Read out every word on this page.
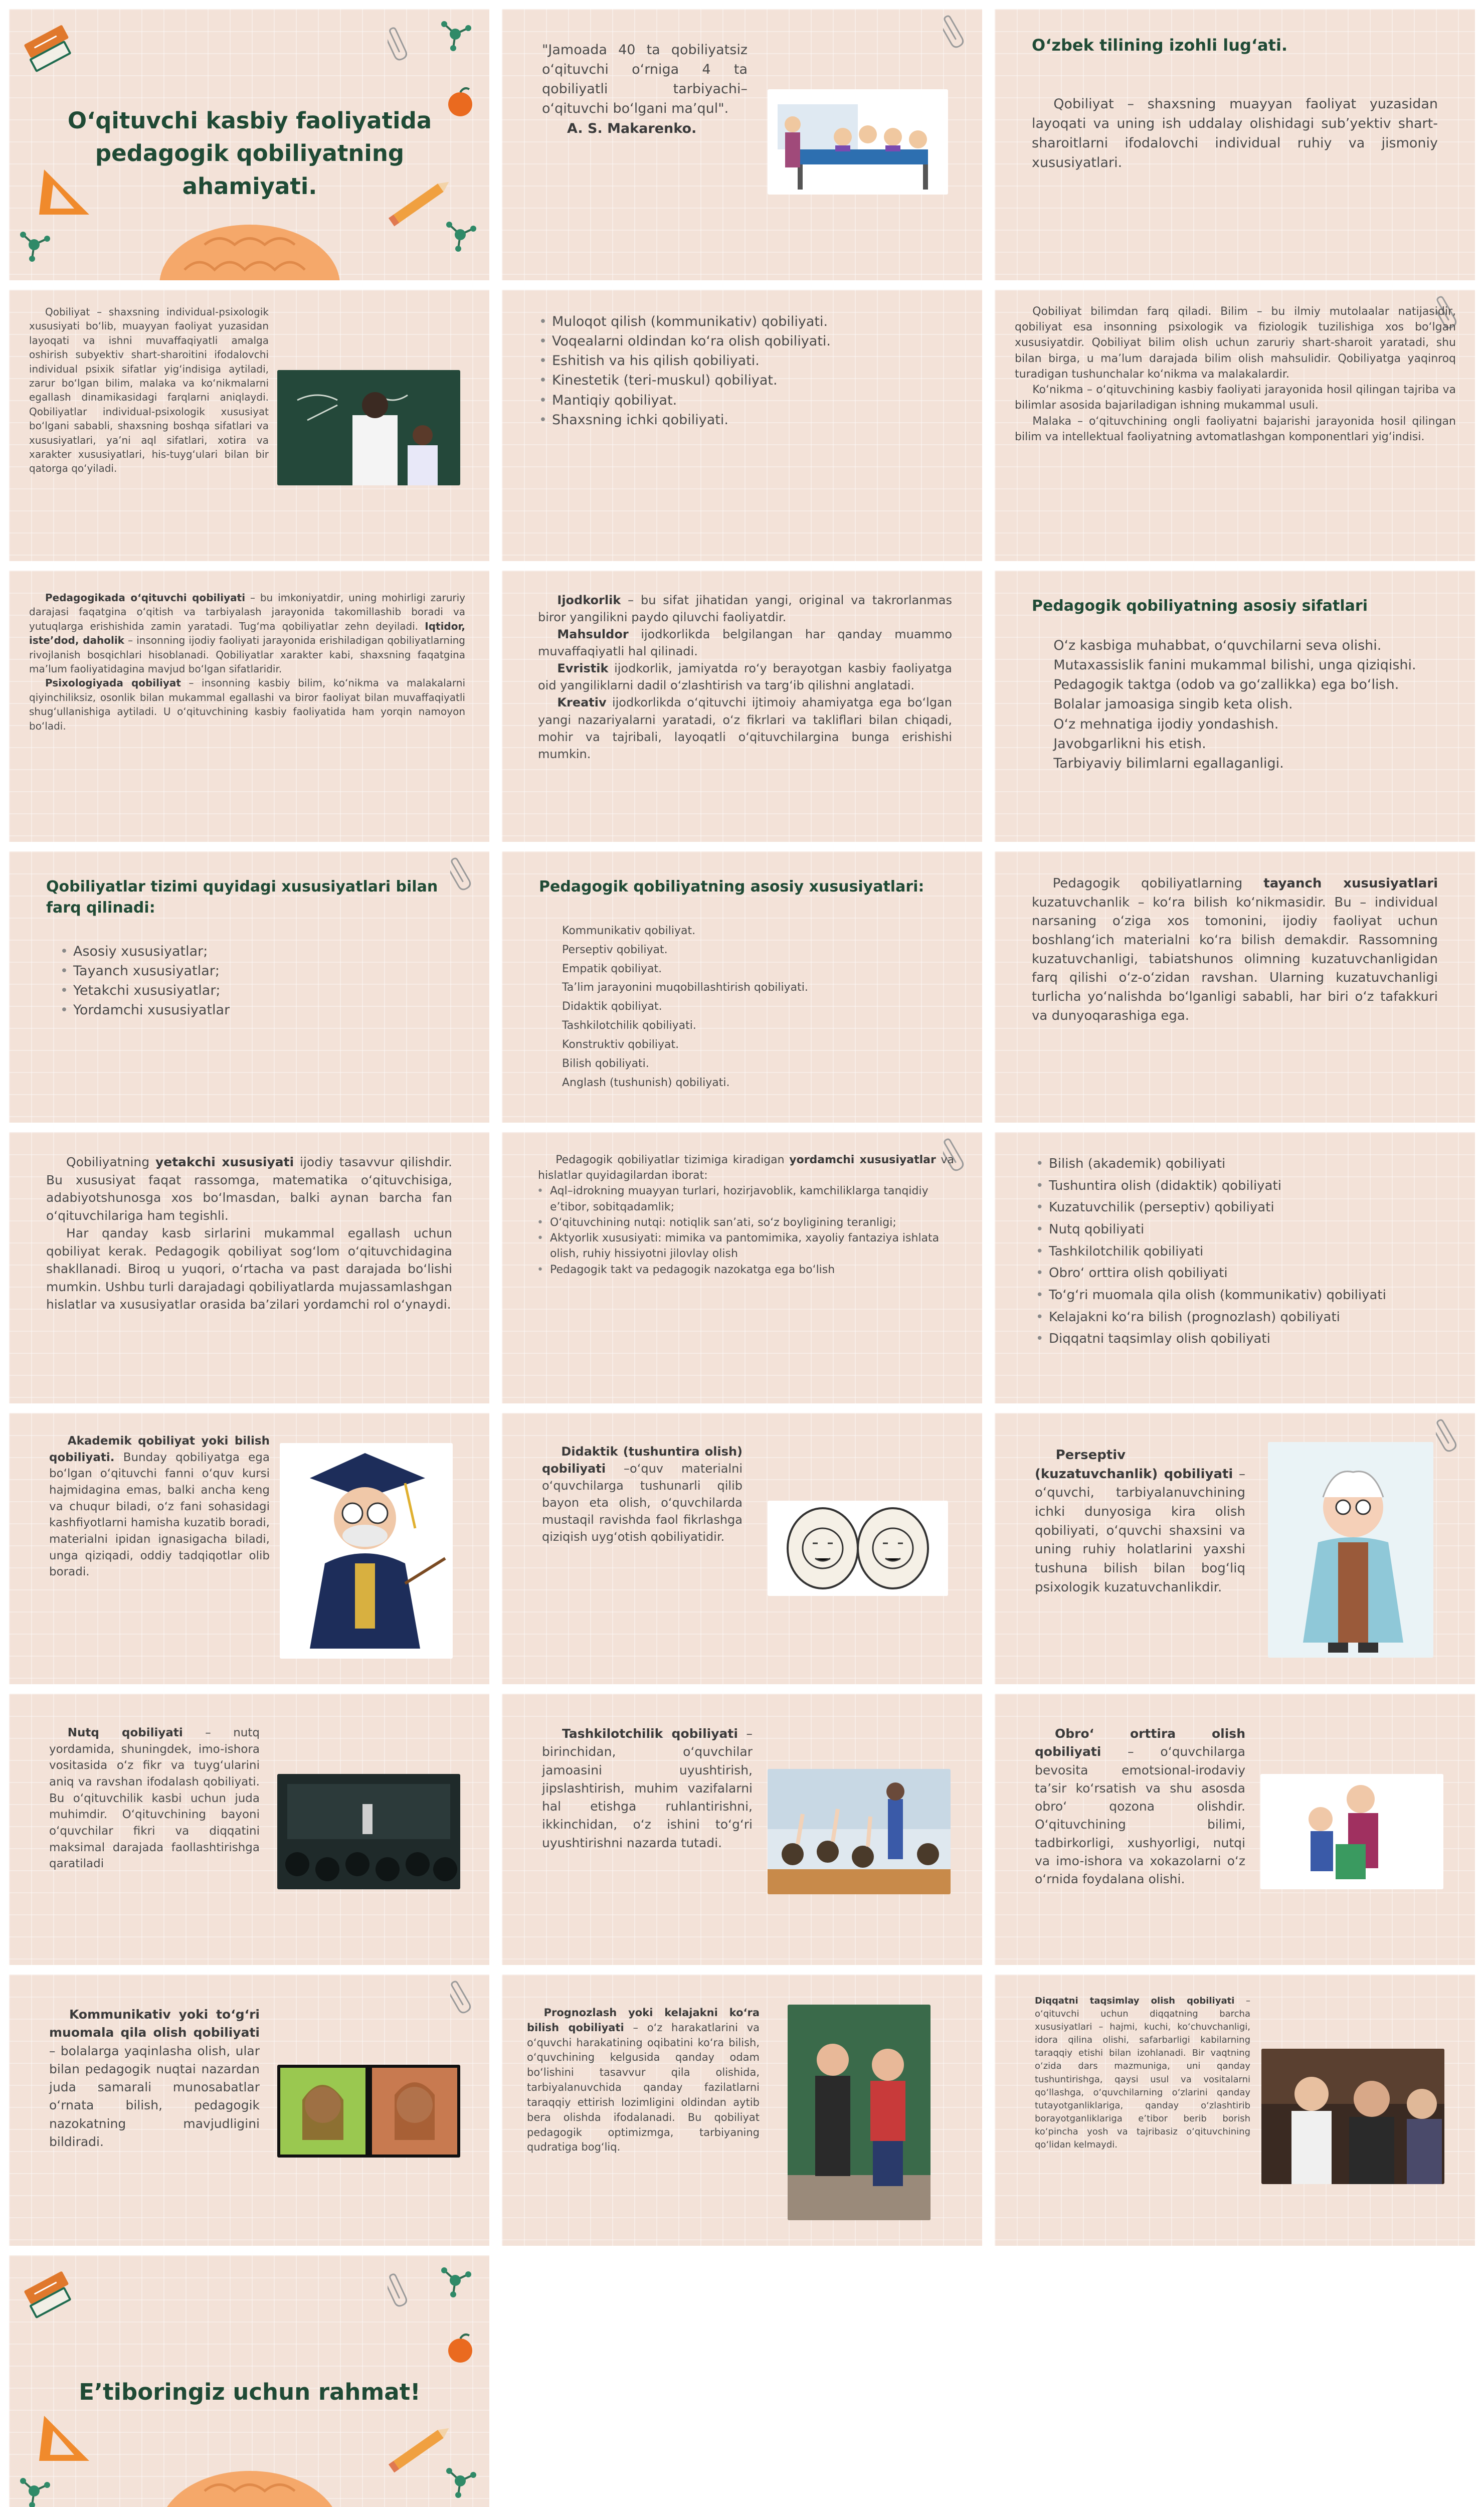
O‘qituvchi kasbiy faoliyatida pedagogik qobiliyatning ahamiyati.

"Jamoada 40 ta qobiliyatsiz o‘qituvchi o‘rniga 4 ta qobiliyatli tarbiyachi–o‘qituvchi bo‘lgani ma’qul".

A. S. Makarenko.

O‘zbek tilining izohli lug‘ati.
Qobiliyat – shaxsning muayyan faoliyat yuzasidan layoqati va uning ish uddalay olishidagi sub’yektiv shart-sharoitlarni ifodalovchi individual ruhiy va jismoniy xususiyatlari.
Qobiliyat – shaxsning individual-psixologik xususiyati bo‘lib, muayyan faoliyat yuzasidan layoqati va ishni muvaffaqiyatli amalga oshirish subyektiv shart-sharoitini ifodalovchi individual psixik sifatlar yig‘indisiga aytiladi, zarur bo‘lgan bilim, malaka va ko‘nikmalarni egallash dinamikasidagi farqlarni aniqlaydi. Qobiliyatlar individual-psixologik xususiyat bo‘lgani sababli, shaxsning boshqa sifatlari va xususiyatlari, ya’ni aql sifatlari, xotira va xarakter xususiyatlari, his-tuyg‘ulari bilan bir qatorga qo‘yiladi.
• Muloqot qilish (kommunikativ) qobiliyati.
• Voqealarni oldindan ko‘ra olish qobiliyati.
• Eshitish va his qilish qobiliyati.
• Kinestetik (teri-muskul) qobiliyat.
• Mantiqiy qobiliyat.
• Shaxsning ichki qobiliyati.

Qobiliyat bilimdan farq qiladi. Bilim – bu ilmiy mutolaalar natijasidir, qobiliyat esa insonning psixologik va fiziologik tuzilishiga xos bo‘lgan xususiyatdir. Qobiliyat bilim olish uchun zaruriy shart-sharoit yaratadi, shu bilan birga, u ma’lum darajada bilim olish mahsulidir. Qobiliyatga yaqinroq turadigan tushunchalar ko‘nikma va malakalardir.

Ko‘nikma – o‘qituvchining kasbiy faoliyati jarayonida hosil qilingan tajriba va bilimlar asosida bajariladigan ishning mukammal usuli.

Malaka – o‘qituvchining ongli faoliyatni bajarishi jarayonida hosil qilingan bilim va intellektual faoliyatning avtomatlashgan komponentlari yig‘indisi.

Pedagogikada o‘qituvchi qobiliyati – bu imkoniyatdir, uning mohirligi zaruriy darajasi faqatgina o‘qitish va tarbiyalash jarayonida takomillashib boradi va yutuqlarga erishishida zamin yaratadi. Tug‘ma qobiliyatlar zehn deyiladi. Iqtidor, iste’dod, daholik – insonning ijodiy faoliyati jarayonida erishiladigan qobiliyatlarning rivojlanish bosqichlari hisoblanadi. Qobiliyatlar xarakter kabi, shaxsning faqatgina ma’lum faoliyatidagina mavjud bo‘lgan sifatlaridir.

Psixologiyada qobiliyat – insonning kasbiy bilim, ko‘nikma va malakalarni qiyinchiliksiz, osonlik bilan mukammal egallashi va biror faoliyat bilan muvaffaqiyatli shug‘ullanishiga aytiladi. U o‘qituvchining kasbiy faoliyatida ham yorqin namoyon bo‘ladi.

Ijodkorlik – bu sifat jihatidan yangi, original va takrorlanmas biror yangilikni paydo qiluvchi faoliyatdir.

Mahsuldor ijodkorlikda belgilangan har qanday muammo muvaffaqiyatli hal qilinadi.

Evristik ijodkorlik, jamiyatda ro‘y berayotgan kasbiy faoliyatga oid yangiliklarni dadil o‘zlashtirish va targ‘ib qilishni anglatadi.

Kreativ ijodkorlikda o‘qituvchi ijtimoiy ahamiyatga ega bo‘lgan yangi nazariyalarni yaratadi, o‘z fikrlari va takliflari bilan chiqadi, mohir va tajribali, layoqatli o‘qituvchilargina bunga erishishi mumkin.

Pedagogik qobiliyatning asosiy sifatlari
O‘z kasbiga muhabbat, o‘quvchilarni seva olishi.
Mutaxassislik fanini mukammal bilishi, unga qiziqishi.
Pedagogik taktga (odob va go‘zallikka) ega bo‘lish.
Bolalar jamoasiga singib keta olish.
O‘z mehnatiga ijodiy yondashish.
Javobgarlikni his etish.
Tarbiyaviy bilimlarni egallaganligi.
Qobiliyatlar tizimi quyidagi xususiyatlari bilan farq qilinadi:
• Asosiy xususiyatlar;
• Tayanch xususiyatlar;
• Yetakchi xususiyatlar;
• Yordamchi xususiyatlar
Pedagogik qobiliyatning asosiy xususiyatlari:
Kommunikativ qobiliyat.
Perseptiv qobiliyat.
Empatik qobiliyat.
Ta’lim jarayonini muqobillashtirish qobiliyati.
Didaktik qobiliyat.
Tashkilotchilik qobiliyati.
Konstruktiv qobiliyat.
Bilish qobiliyati.
Anglash (tushunish) qobiliyati.
Pedagogik qobiliyatlarning tayanch xususiyatlari kuzatuvchanlik – ko‘ra bilish ko‘nikmasidir. Bu – individual narsaning o‘ziga xos tomonini, ijodiy faoliyat uchun boshlang‘ich materialni ko‘ra bilish demakdir. Rassomning kuzatuvchanligi, tabiatshunos olimning kuzatuvchanligidan farq qilishi o‘z-o‘zidan ravshan. Ularning kuzatuvchanligi turlicha yo‘nalishda bo‘lganligi sababli, har biri o‘z tafakkuri va dunyoqarashiga ega.

Qobiliyatning yetakchi xususiyati ijodiy tasavvur qilishdir. Bu xususiyat faqat rassomga, matematika o‘qituvchisiga, adabiyotshunosga xos bo‘lmasdan, balki aynan barcha fan o‘qituvchilariga ham tegishli.

Har qanday kasb sirlarini mukammal egallash uchun qobiliyat kerak. Pedagogik qobiliyat sog‘lom o‘qituvchidagina shakllanadi. Biroq u yuqori, o‘rtacha va past darajada bo‘lishi mumkin. Ushbu turli darajadagi qobiliyatlarda mujassamlashgan hislatlar va xususiyatlar orasida ba’zilari yordamchi rol o‘ynaydi.

Pedagogik qobiliyatlar tizimiga kiradigan yordamchi xususiyatlar va hislatlar quyidagilardan iborat:

• Aql–idrokning muayyan turlari, hozirjavoblik, kamchiliklarga tanqidiy e’tibor, sobitqadamlik;
• O‘qituvchining nutqi: notiqlik san’ati, so‘z boyligining teranligi;
• Aktyorlik xususiyati: mimika va pantomimika, xayoliy fantaziya ishlata olish, ruhiy hissiyotni jilovlay olish
• Pedagogik takt va pedagogik nazokatga ega bo‘lish
• Bilish (akademik) qobiliyati
• Tushuntira olish (didaktik) qobiliyati
• Kuzatuvchilik (perseptiv) qobiliyati
• Nutq qobiliyati
• Tashkilotchilik qobiliyati
• Obro‘ orttira olish qobiliyati
• To‘g‘ri muomala qila olish (kommunikativ) qobiliyati
• Kelajakni ko‘ra bilish (prognozlash) qobiliyati
• Diqqatni taqsimlay olish qobiliyati
Akademik qobiliyat yoki bilish qobiliyati. Bunday qobiliyatga ega bo‘lgan o‘qituvchi fanni o‘quv kursi hajmidagina emas, balki ancha keng va chuqur biladi, o‘z fani sohasidagi kashfiyotlarni hamisha kuzatib boradi, materialni ipidan ignasigacha biladi, unga qiziqadi, oddiy tadqiqotlar olib boradi.
Didaktik (tushuntira olish) qobiliyati –o‘quv materialni o‘quvchilarga tushunarli qilib bayon eta olish, o‘quvchilarda mustaqil ravishda faol fikrlashga qiziqish uyg‘otish qobiliyatidir.
Perseptiv (kuzatuvchanlik) qobiliyati – o‘quvchi, tarbiyalanuvchining ichki dunyosiga kira olish qobiliyati, o‘quvchi shaxsini va uning ruhiy holatlarini yaxshi tushuna bilish bilan bog‘liq psixologik kuzatuvchanlikdir.
Nutq qobiliyati – nutq yordamida, shuningdek, imo-ishora vositasida o‘z fikr va tuyg‘ularini aniq va ravshan ifodalash qobiliyati. Bu o‘qituvchilik kasbi uchun juda muhimdir. O‘qituvchining bayoni o‘quvchilar fikri va diqqatini maksimal darajada faollashtirishga qaratiladi
Tashkilotchilik qobiliyati – birinchidan, o‘quvchilar jamoasini uyushtirish, jipslashtirish, muhim vazifalarni hal etishga ruhlantirishni, ikkinchidan, o‘z ishini to‘g‘ri uyushtirishni nazarda tutadi.
Obro‘ orttira olish qobiliyati – o‘quvchilarga bevosita emotsional-irodaviy ta’sir ko‘rsatish va shu asosda obro‘ qozona olishdir. O‘qituvchining bilimi, tadbirkorligi, xushyorligi, nutqi va imo-ishora va xokazolarni o‘z o‘rnida foydalana olishi.
Kommunikativ yoki to‘g‘ri muomala qila olish qobiliyati – bolalarga yaqinlasha olish, ular bilan pedagogik nuqtai nazardan juda samarali munosabatlar o‘rnata bilish, pedagogik nazokatning mavjudligini bildiradi.
Prognozlash yoki kelajakni ko‘ra bilish qobiliyati – o‘z harakatlarini va o‘quvchi harakatining oqibatini ko‘ra bilish, o‘quvchining kelgusida qanday odam bo‘lishini tasavvur qila olishida, tarbiyalanuvchida qanday fazilatlarni taraqqiy ettirish lozimligini oldindan aytib bera olishda ifodalanadi. Bu qobiliyat pedagogik optimizmga, tarbiyaning qudratiga bog‘liq.
Diqqatni taqsimlay olish qobiliyati – o‘qituvchi uchun diqqatning barcha xususiyatlari – hajmi, kuchi, ko‘chuvchanligi, idora qilina olishi, safarbarligi kabilarning taraqqiy etishi bilan izohlanadi. Bir vaqtning o‘zida dars mazmuniga, uni qanday tushuntirishga, qaysi usul va vositalarni qo‘llashga, o‘quvchilarning o‘zlarini qanday tutayotganliklariga, qanday o‘zlashtirib borayotganliklariga e’tibor berib borish ko‘pincha yosh va tajribasiz o‘qituvchining qo‘lidan kelmaydi.
E’tiboringiz uchun rahmat!
